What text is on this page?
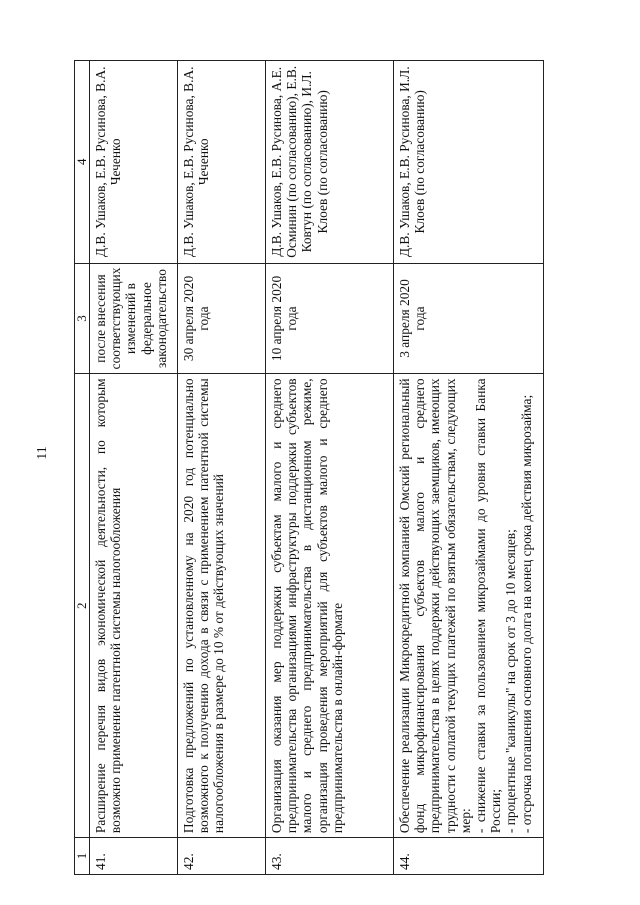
11
1	2	3	4
41.	Расширение перечня видов экономической деятельности, по которым возможно применение патентной системы налогообложения	после внесения соответствующих изменений в федеральное законодательство	Д.В. Ушаков, Е.В. Русинова, В.А. Чеченко
42.	Подготовка предложений по установленному на 2020 год потенциально возможного к получению дохода в связи с применением патентной системы налогообложения в размере до 10 % от действующих значений	30 апреля 2020 года	Д.В. Ушаков, Е.В. Русинова, В.А. Чеченко
43.	Организация оказания мер поддержки субъектам малого и среднего предпринимательства организациями инфраструктуры поддержки субъектов малого и среднего предпринимательства в дистанционном режиме, организация проведения мероприятий для субъектов малого и среднего предпринимательства в онлайн-формате	10 апреля 2020 года	Д.В. Ушаков, Е.В. Русинова, А.Е. Осминин (по согласованию), Е.В. Ковтун (по согласованию), И.Л. Клоев (по согласованию)
44.	Обеспечение реализации Микрокредитной компанией Омский региональный фонд микрофинансирования субъектов малого и среднего предпринимательства в целях поддержки действующих заемщиков, имеющих трудности с оплатой текущих платежей по взятым обязательствам, следующих мер: - снижение ставки за пользованием микрозаймами до уровня ставки Банка России; - процентные "каникулы" на срок от 3 до 10 месяцев; - отсрочка погашения основного долга на конец срока действия микрозайма;	3 апреля 2020 года	Д.В. Ушаков, Е.В. Русинова, И.Л. Клоев (по согласованию)
